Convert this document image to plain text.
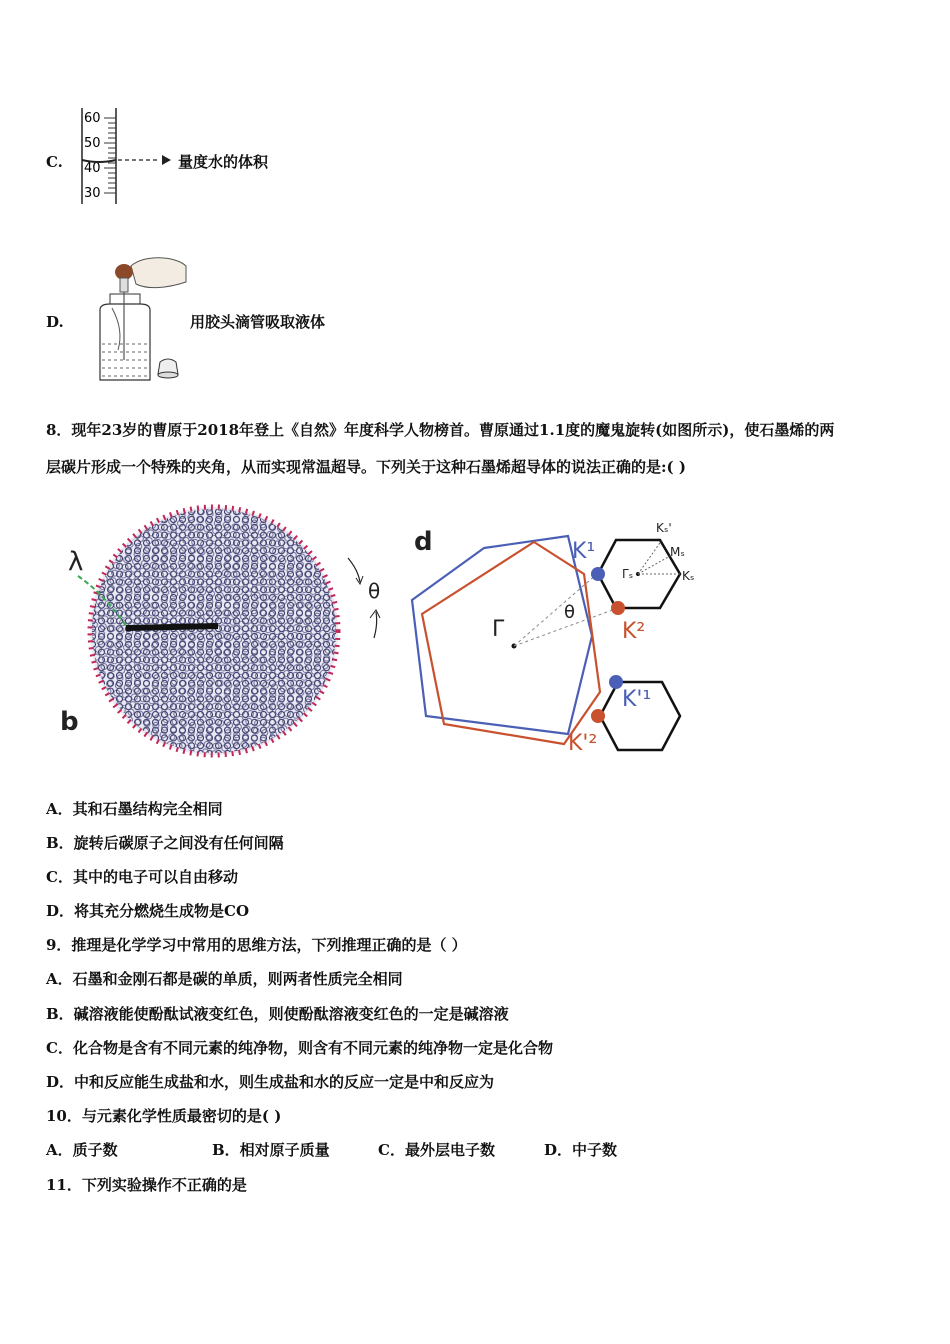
C.
60
50
40
30
量度水的体积
D.	用胶头滴管吸取液体
8．现年23岁的曹原于2018年登上《自然》年度科学人物榜首。曹原通过1.1度的魔鬼旋转(如图所示)，使石墨烯的两
层碳片形成一个特殊的夹角，从而实现常温超导。下列关于这种石墨烯超导体的说法正确的是:( )
λ
b
θ
d
Γ
θ
K¹
K²
Kₛ'
Mₛ
Γₛ	Kₛ
K'¹
K'²
A．其和石墨结构完全相同
B．旋转后碳原子之间没有任何间隔
C．其中的电子可以自由移动
D．将其充分燃烧生成物是CO
9．推理是化学学习中常用的思维方法，下列推理正确的是（ ）
A．石墨和金刚石都是碳的单质，则两者性质完全相同
B．碱溶液能使酚酞试液变红色，则使酚酞溶液变红色的一定是碱溶液
C．化合物是含有不同元素的纯净物，则含有不同元素的纯净物一定是化合物
D．中和反应能生成盐和水，则生成盐和水的反应一定是中和反应为
10．与元素化学性质最密切的是( )
A．质子数	B．相对原子质量	C．最外层电子数	D．中子数
11．下列实验操作不正确的是
